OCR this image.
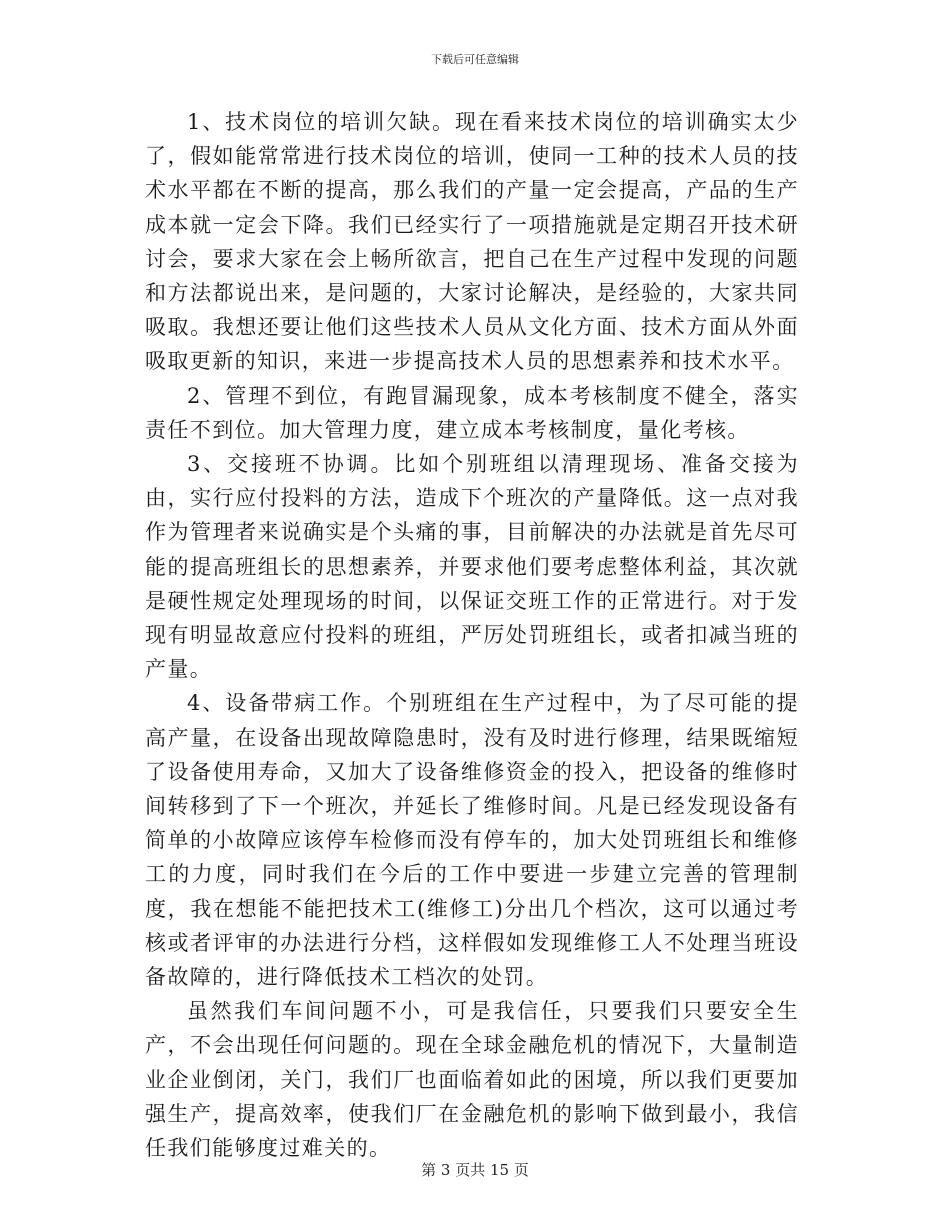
下载后可任意编辑

1、技术岗位的培训欠缺。现在看来技术岗位的培训确实太少了，假如能常常进行技术岗位的培训，使同一工种的技术人员的技术水平都在不断的提高，那么我们的产量一定会提高，产品的生产成本就一定会下降。我们已经实行了一项措施就是定期召开技术研讨会，要求大家在会上畅所欲言，把自己在生产过程中发现的问题和方法都说出来，是问题的，大家讨论解决，是经验的，大家共同吸取。我想还要让他们这些技术人员从文化方面、技术方面从外面吸取更新的知识，来进一步提高技术人员的思想素养和技术水平。

2、管理不到位，有跑冒漏现象，成本考核制度不健全，落实责任不到位。加大管理力度，建立成本考核制度，量化考核。

3、交接班不协调。比如个别班组以清理现场、准备交接为由，实行应付投料的方法，造成下个班次的产量降低。这一点对我作为管理者来说确实是个头痛的事，目前解决的办法就是首先尽可能的提高班组长的思想素养，并要求他们要考虑整体利益，其次就是硬性规定处理现场的时间，以保证交班工作的正常进行。对于发现有明显故意应付投料的班组，严厉处罚班组长，或者扣减当班的产量。

4、设备带病工作。个别班组在生产过程中，为了尽可能的提高产量，在设备出现故障隐患时，没有及时进行修理，结果既缩短了设备使用寿命，又加大了设备维修资金的投入，把设备的维修时间转移到了下一个班次，并延长了维修时间。凡是已经发现设备有简单的小故障应该停车检修而没有停车的，加大处罚班组长和维修工的力度，同时我们在今后的工作中要进一步建立完善的管理制度，我在想能不能把技术工(维修工)分出几个档次，这可以通过考核或者评审的办法进行分档，这样假如发现维修工人不处理当班设备故障的，进行降低技术工档次的处罚。

虽然我们车间问题不小，可是我信任，只要我们只要安全生产，不会出现任何问题的。现在全球金融危机的情况下，大量制造业企业倒闭，关门，我们厂也面临着如此的困境，所以我们更要加强生产，提高效率，使我们厂在金融危机的影响下做到最小，我信任我们能够度过难关的。

第 3 页共 15 页
